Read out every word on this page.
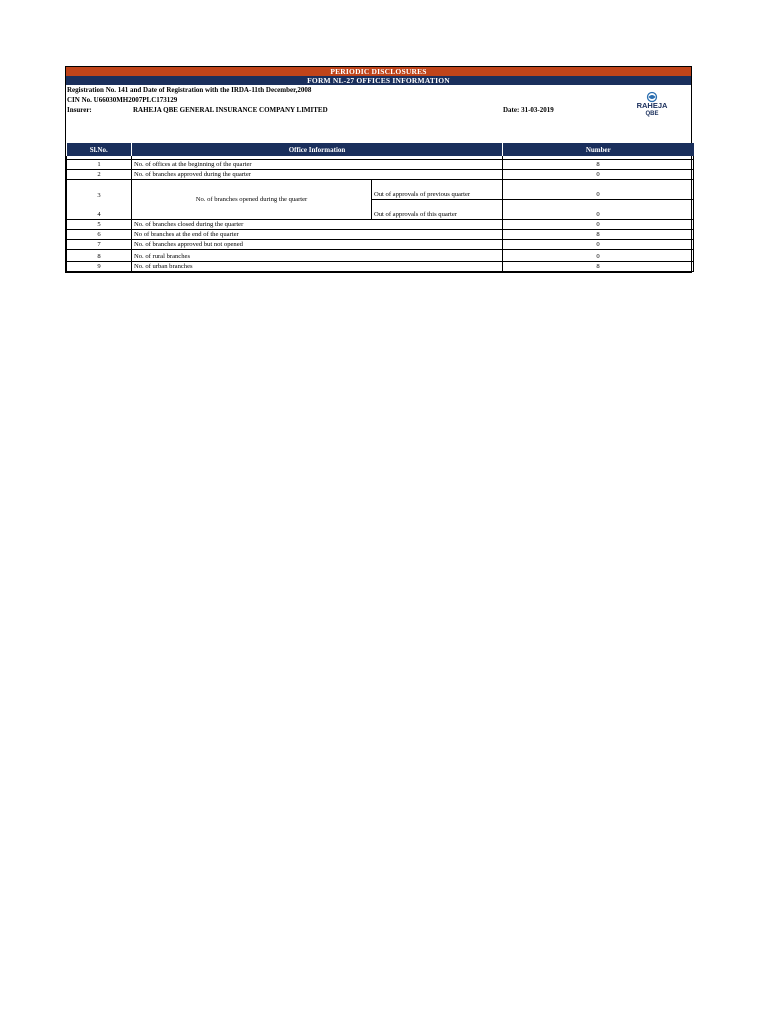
PERIODIC DISCLOSURES
FORM NL-27 OFFICES INFORMATION
Registration No. 141 and Date of Registration with the IRDA-11th December,2008
CIN No. U66030MH2007PLC173129
Insurer:	RAHEJA QBE GENERAL INSURANCE COMPANY LIMITED	Date: 31-03-2019	RAHEJA
QBE
Sl.No.	Office Information		Number

1	No. of offices at the beginning of the quarter		8
2	No. of branches approved during the quarter		0
3	No. of branches opened during the quarter	Out of approvals of previous quarter	0
4		Out of approvals of this quarter	0
5	No. of branches closed during the quarter		0
6	No of branches at the end of the quarter		8
7	No. of branches approved but not opened		0
8	No. of rural branches		0
9	No. of urban branches		8
